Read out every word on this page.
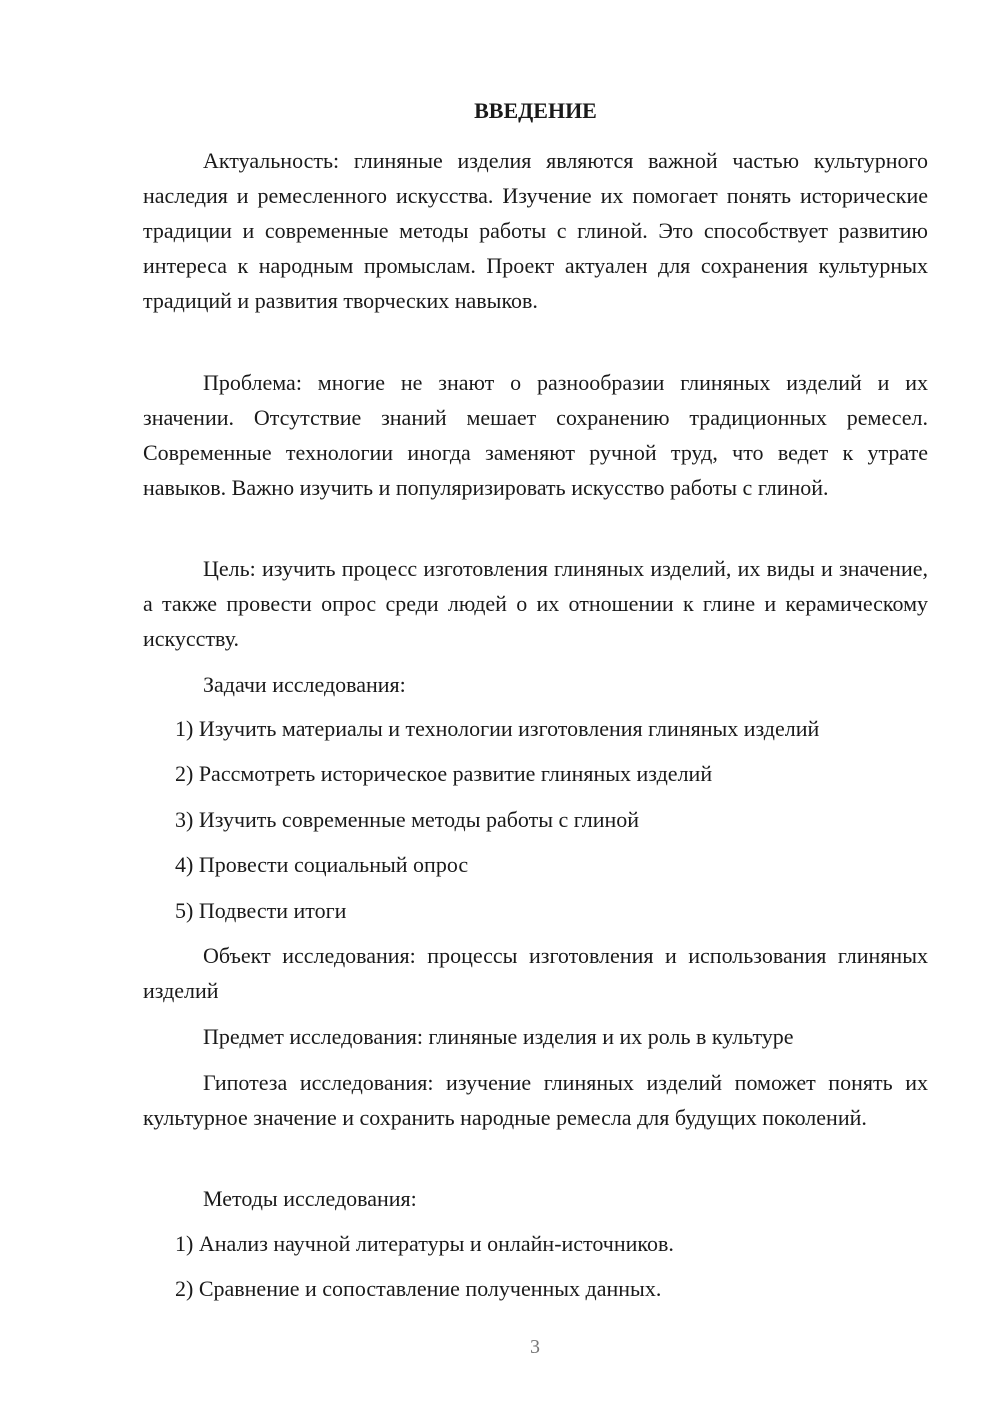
ВВЕДЕНИЕ

Актуальность: глиняные изделия являются важной частью культурного наследия и ремесленного искусства. Изучение их помогает понять исторические традиции и современные методы работы с глиной. Это способствует развитию интереса к народным промыслам. Проект актуален для сохранения культурных традиций и развития творческих навыков.

Проблема: многие не знают о разнообразии глиняных изделий и их значении. Отсутствие знаний мешает сохранению традиционных ремесел. Современные технологии иногда заменяют ручной труд, что ведет к утрате навыков. Важно изучить и популяризировать искусство работы с глиной.

Цель: изучить процесс изготовления глиняных изделий, их виды и значение, а также провести опрос среди людей о их отношении к глине и керамическому искусству.

Задачи исследования:

1) Изучить материалы и технологии изготовления глиняных изделий

2) Рассмотреть историческое развитие глиняных изделий

3) Изучить современные методы работы с глиной

4) Провести социальный опрос

5) Подвести итоги

Объект исследования: процессы изготовления и использования глиняных изделий

Предмет исследования: глиняные изделия и их роль в культуре

Гипотеза исследования: изучение глиняных изделий поможет понять их культурное значение и сохранить народные ремесла для будущих поколений.

Методы исследования:

1) Анализ научной литературы и онлайн-источников.

2) Сравнение и сопоставление полученных данных.

3
